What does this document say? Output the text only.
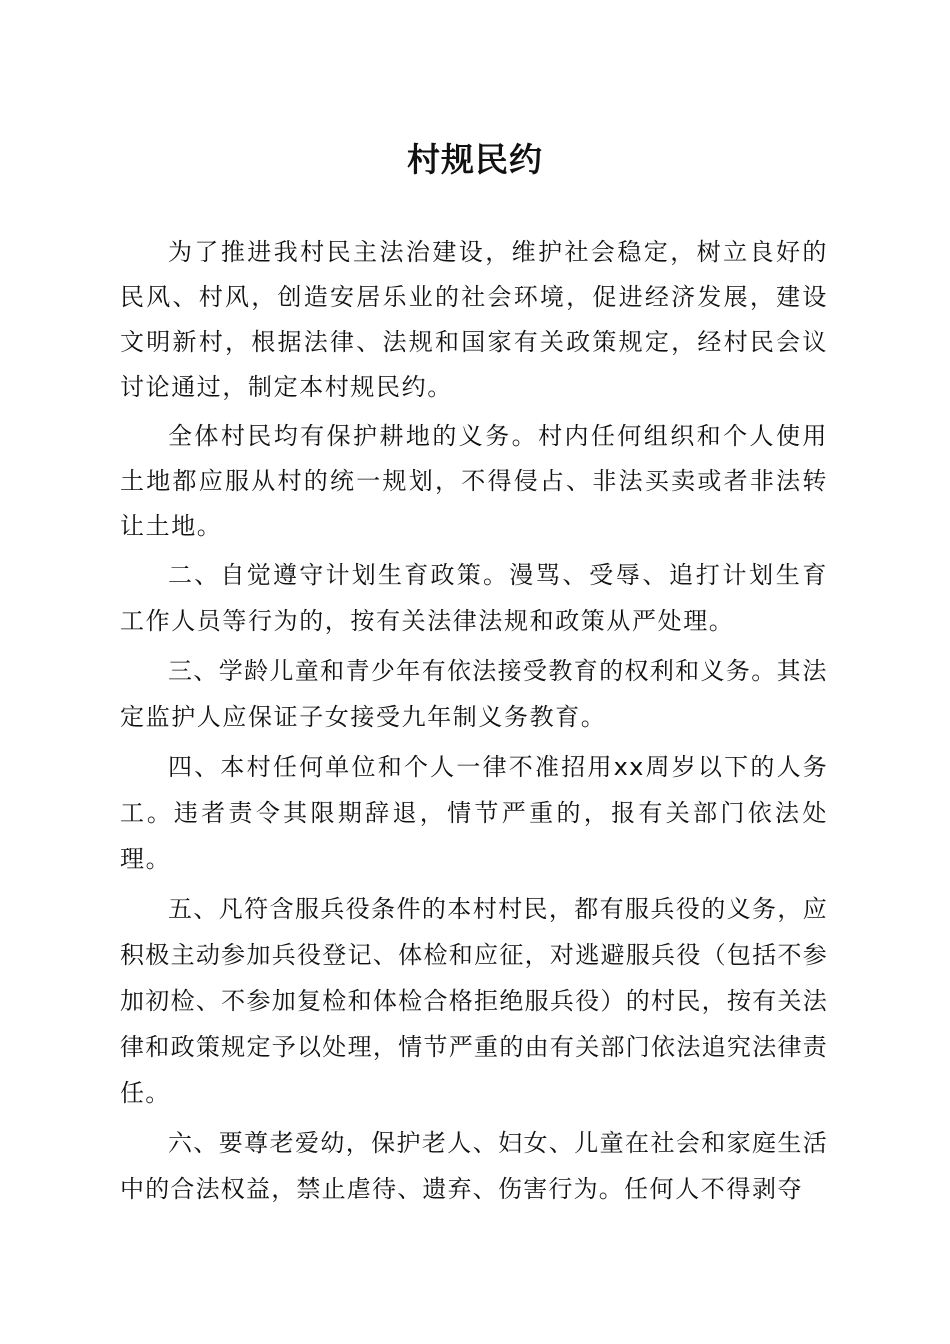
村规民约

为了推进我村民主法治建设，维护社会稳定，树立良好的民风、村风，创造安居乐业的社会环境，促进经济发展，建设文明新村，根据法律、法规和国家有关政策规定，经村民会议讨论通过，制定本村规民约。

全体村民均有保护耕地的义务。村内任何组织和个人使用土地都应服从村的统一规划，不得侵占、非法买卖或者非法转让土地。

二、自觉遵守计划生育政策。漫骂、受辱、追打计划生育工作人员等行为的，按有关法律法规和政策从严处理。

三、学龄儿童和青少年有依法接受教育的权利和义务。其法定监护人应保证子女接受九年制义务教育。

四、本村任何单位和个人一律不准招用xx周岁以下的人务工。违者责令其限期辞退，情节严重的，报有关部门依法处理。

五、凡符含服兵役条件的本村村民，都有服兵役的义务，应积极主动参加兵役登记、体检和应征，对逃避服兵役（包括不参加初检、不参加复检和体检合格拒绝服兵役）的村民，按有关法律和政策规定予以处理，情节严重的由有关部门依法追究法律责任。

六、要尊老爱幼，保护老人、妇女、儿童在社会和家庭生活中的合法权益，禁止虐待、遗弃、伤害行为。任何人不得剥夺
